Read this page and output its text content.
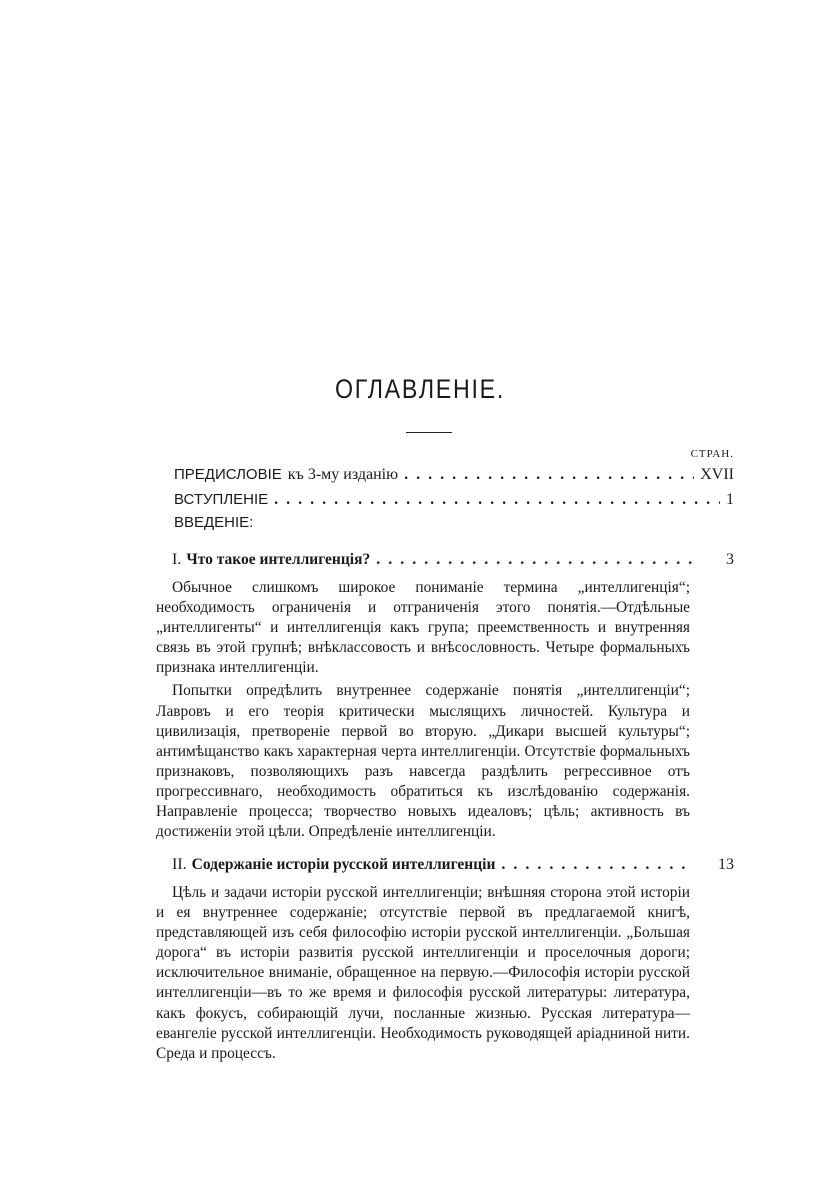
ОГЛАВЛЕНІЕ.
СТРАН.
ПРЕДИСЛОВІЕ къ 3-му изданію . . .	XVII
ВСТУПЛЕНІЕ . . .	1
ВВЕДЕНІЕ:
I. Что такое интеллигенція? . . .	3

Обычное слишкомъ широкое пониманіе термина „интеллигенція“; необходимость ограниченія и отграниченія этого понятія.—Отдѣльные „интеллигенты“ и интеллигенція какъ група; преемственность и внутренняя связь въ этой групнѣ; внѣклассовость и внѣсословность. Четыре формальныхъ признака интеллигенціи.

Попытки опредѣлить внутреннее содержаніе понятія „интеллигенціи“; Лавровъ и его теорія критически мыслящихъ личностей. Культура и цивилизація, претвореніе первой во вторую. „Дикари высшей культуры“; антимѣщанство какъ характерная черта интеллигенціи. Отсутствіе формальныхъ признаковъ, позволяющихъ разъ навсегда раздѣлить регрессивное отъ прогрессивнаго, необходимость обратиться къ изслѣдованію содержанія. Направленіе процесса; творчество новыхъ идеаловъ; цѣль; активность въ достиженіи этой цѣли. Опредѣленіе интеллигенціи.

II. Содержаніе исторіи русской интеллигенціи . . .	13

Цѣль и задачи исторіи русской интеллигенціи; внѣшняя сторона этой исторіи и ея внутреннее содержаніе; отсутствіе первой въ предлагаемой книгѣ, представляющей изъ себя философію исторіи русской интеллигенціи. „Большая дорога“ въ исторіи развитія русской интеллигенціи и проселочныя дороги; исключительное вниманіе, обращенное на первую.—Философія исторіи русской интеллигенціи—въ то же время и философія русской литературы: литература, какъ фокусъ, собирающій лучи, посланные жизнью. Русская литература—евангеліе русской интеллигенціи. Необходимость руководящей аріадниной нити. Среда и процессъ.
